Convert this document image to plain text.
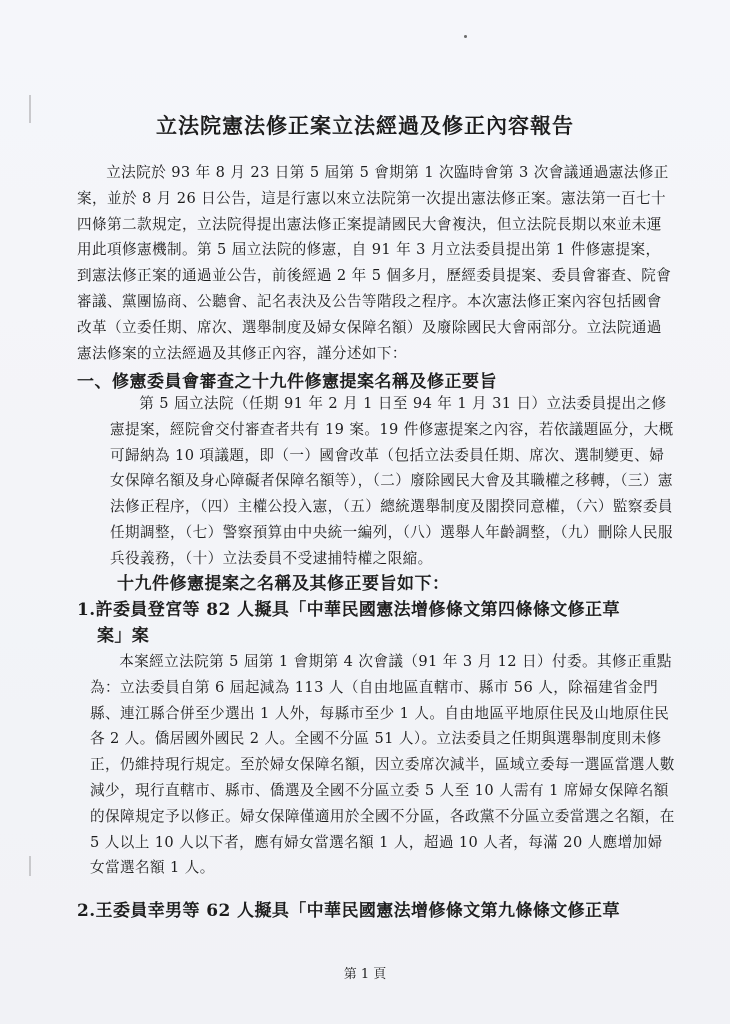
立法院憲法修正案立法經過及修正內容報告

立法院於 93 年 8 月 23 日第 5 屆第 5 會期第 1 次臨時會第 3 次會議通過憲法修正案，並於 8 月 26 日公告，這是行憲以來立法院第一次提出憲法修正案。憲法第一百七十四條第二款規定，立法院得提出憲法修正案提請國民大會複決，但立法院長期以來並未運用此項修憲機制。第 5 屆立法院的修憲，自 91 年 3 月立法委員提出第 1 件修憲提案，到憲法修正案的通過並公告，前後經過 2 年 5 個多月，歷經委員提案、委員會審查、院會審議、黨團協商、公聽會、記名表決及公告等階段之程序。本次憲法修正案內容包括國會改革（立委任期、席次、選舉制度及婦女保障名額）及廢除國民大會兩部分。立法院通過憲法修案的立法經過及其修正內容，謹分述如下：

一、修憲委員會審查之十九件修憲提案名稱及修正要旨

第 5 屆立法院（任期 91 年 2 月 1 日至 94 年 1 月 31 日）立法委員提出之修憲提案，經院會交付審查者共有 19 案。19 件修憲提案之內容，若依議題區分，大概可歸納為 10 項議題，即（一）國會改革（包括立法委員任期、席次、選制變更、婦女保障名額及身心障礙者保障名額等），（二）廢除國民大會及其職權之移轉，（三）憲法修正程序，（四）主權公投入憲，（五）總統選舉制度及閣揆同意權，（六）監察委員任期調整，（七）警察預算由中央統一編列，（八）選舉人年齡調整，（九）刪除人民服兵役義務，（十）立法委員不受逮捕特權之限縮。

十九件修憲提案之名稱及其修正要旨如下：
1.許委員登宮等 82 人擬具「中華民國憲法增修條文第四條條文修正草
案」案

本案經立法院第 5 屆第 1 會期第 4 次會議（91 年 3 月 12 日）付委。其修正重點為：立法委員自第 6 屆起減為 113 人（自由地區直轄市、縣市 56 人，除福建省金門縣、連江縣合併至少選出 1 人外，每縣市至少 1 人。自由地區平地原住民及山地原住民各 2 人。僑居國外國民 2 人。全國不分區 51 人）。立法委員之任期與選舉制度則未修正，仍維持現行規定。至於婦女保障名額，因立委席次減半，區域立委每一選區當選人數減少，現行直轄市、縣市、僑選及全國不分區立委 5 人至 10 人需有 1 席婦女保障名額的保障規定予以修正。婦女保障僅適用於全國不分區，各政黨不分區立委當選之名額，在 5 人以上 10 人以下者，應有婦女當選名額 1 人，超過 10 人者，每滿 20 人應增加婦女當選名額 1 人。

2.王委員幸男等 62 人擬具「中華民國憲法增修條文第九條條文修正草
第 1 頁
